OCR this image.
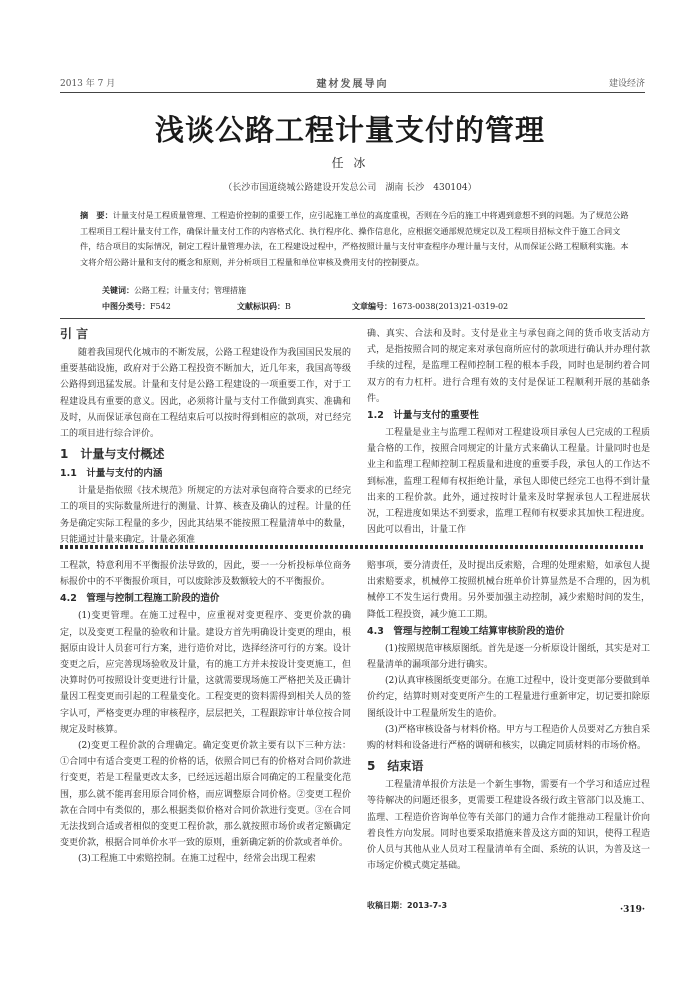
2013 年 7 月	建材发展导向	建设经济
浅谈公路工程计量支付的管理
任 冰
（长沙市国道绕城公路建设开发总公司　湖南 长沙　430104）
摘　要：计量支付是工程质量管理、工程造价控制的重要工作，应引起施工单位的高度重视，否则在今后的施工中将遇到意想不到的问题。为了规范公路工程项目工程计量支付工作，确保计量支付工作的内容格式化、执行程序化、操作信息化，应根据交通部规范规定以及工程项目招标文件于施工合同文件，结合项目的实际情况，制定工程计量管理办法，在工程建设过程中，严格按照计量与支付审查程序办理计量与支付，从而保证公路工程顺利实施。本文将介绍公路计量和支付的概念和原则，并分析项目工程量和单位审核及费用支付的控制要点。
关键词：公路工程；计量支付；管理措施
中图分类号：F542	文献标识码：B	文章编号：1673-0038(2013)21-0319-02
引 言

随着我国现代化城市的不断发展，公路工程建设作为我国国民发展的重要基础设施，政府对于公路工程投资不断加大，近几年来，我国高等级公路得到迅猛发展。计量和支付是公路工程建设的一项重要工作，对于工程建设具有重要的意义。因此，必须将计量与支付工作做到真实、准确和及时，从而保证承包商在工程结束后可以按时得到相应的款项，对已经完工的项目进行综合评价。

1　计量与支付概述
1.1　计量与支付的内涵

计量是指依照《技术规范》所规定的方法对承包商符合要求的已经完工的项目的实际数量所进行的测量、计算、核查及确认的过程。计量的任务是确定实际工程量的多少，因此其结果不能按照工程量清单中的数量，只能通过计量来确定。计量必须准

确、真实、合法和及时。支付是业主与承包商之间的货币收支活动方式，是指按照合同的规定来对承包商所应付的款项进行确认并办理付款手续的过程，是监理工程师控制工程的根本手段，同时也是制约着合同双方的有力杠杆。进行合理有效的支付是保证工程顺利开展的基础条件。

1.2　计量与支付的重要性

工程量是业主与监理工程师对工程建设项目承包人已完成的工程质量合格的工作，按照合同规定的计量方式来确认工程量。计量同时也是业主和监理工程师控制工程质量和进度的重要手段，承包人的工作达不到标准，监理工程师有权拒绝计量，承包人即使已经完工也得不到计量出来的工程价款。此外，通过按时计量来及时掌握承包人工程进展状况，工程进度如果达不到要求，监理工程师有权要求其加快工程进度。因此可以看出，计量工作

工程款，特意利用不平衡报价法导致的，因此，要一一分析投标单位商务标报价中的不平衡报价项目，可以废除涉及数额较大的不平衡报价。

4.2　管理与控制工程施工阶段的造价

(1)变更管理。在施工过程中，应重视对变更程序、变更价款的确定，以及变更工程量的验收和计量。建设方首先明确设计变更的理由，根据原由设计人员套可行方案，进行造价对比，选择经济可行的方案。设计变更之后，应完善现场验收及计量，有的施工方并未按设计变更施工，但决算时仍可按照设计变更进行计量，这就需要现场施工严格把关及正确计量因工程变更而引起的工程量变化。工程变更的资料需得到相关人员的签字认可，严格变更办理的审核程序，层层把关，工程跟踪审计单位按合同规定及时核算。

(2)变更工程价款的合理确定。确定变更价款主要有以下三种方法：①合同中有适合变更工程的价格的话，依照合同已有的价格对合同价款进行变更，若是工程量更改太多，已经远远超出原合同确定的工程量变化范围，那么就不能再套用原合同价格，而应调整原合同价格。②变更工程价款在合同中有类似的，那么根据类似价格对合同价款进行变更。③在合同无法找到合适或者相似的变更工程价款，那么就按照市场价或者定额确定变更价款，根据合同单价水平一致的原则，重新确定新的价款或者单价。

(3)工程施工中索赔控制。在施工过程中，经常会出现工程索

赔事项，要分清责任，及时提出反索赔，合理的处理索赔，如承包人提出索赔要求，机械停工按照机械台班单价计算显然是不合理的，因为机械停工不发生运行费用。另外要加强主动控制，减少索赔时间的发生，降低工程投资，减少施工工期。

4.3　管理与控制工程竣工结算审核阶段的造价

(1)按照规范审核原图纸。首先是逐一分析原设计图纸，其实是对工程量清单的漏项部分进行确实。

(2)认真审核图纸变更部分。在施工过程中，设计变更部分要做到单价约定，结算时则对变更所产生的工程量进行重新审定，切记要扣除原图纸设计中工程量所发生的造价。

(3)严格审核设备与材料价格。甲方与工程造价人员要对乙方独自采购的材料和设备进行严格的调研和核实，以确定同质材料的市场价格。

5　结束语

工程量清单报价方法是一个新生事物，需要有一个学习和适应过程等待解决的问题还很多，更需要工程建设各级行政主管部门以及施工、监理、工程造价咨询单位等有关部门的通力合作才能推动工程量计价向着良性方向发展。同时也要采取措施来普及这方面的知识，使得工程造价人员与其他从业人员对工程量清单有全面、系统的认识，为普及这一市场定价模式奠定基础。

收稿日期：2013-7-3	·319·
